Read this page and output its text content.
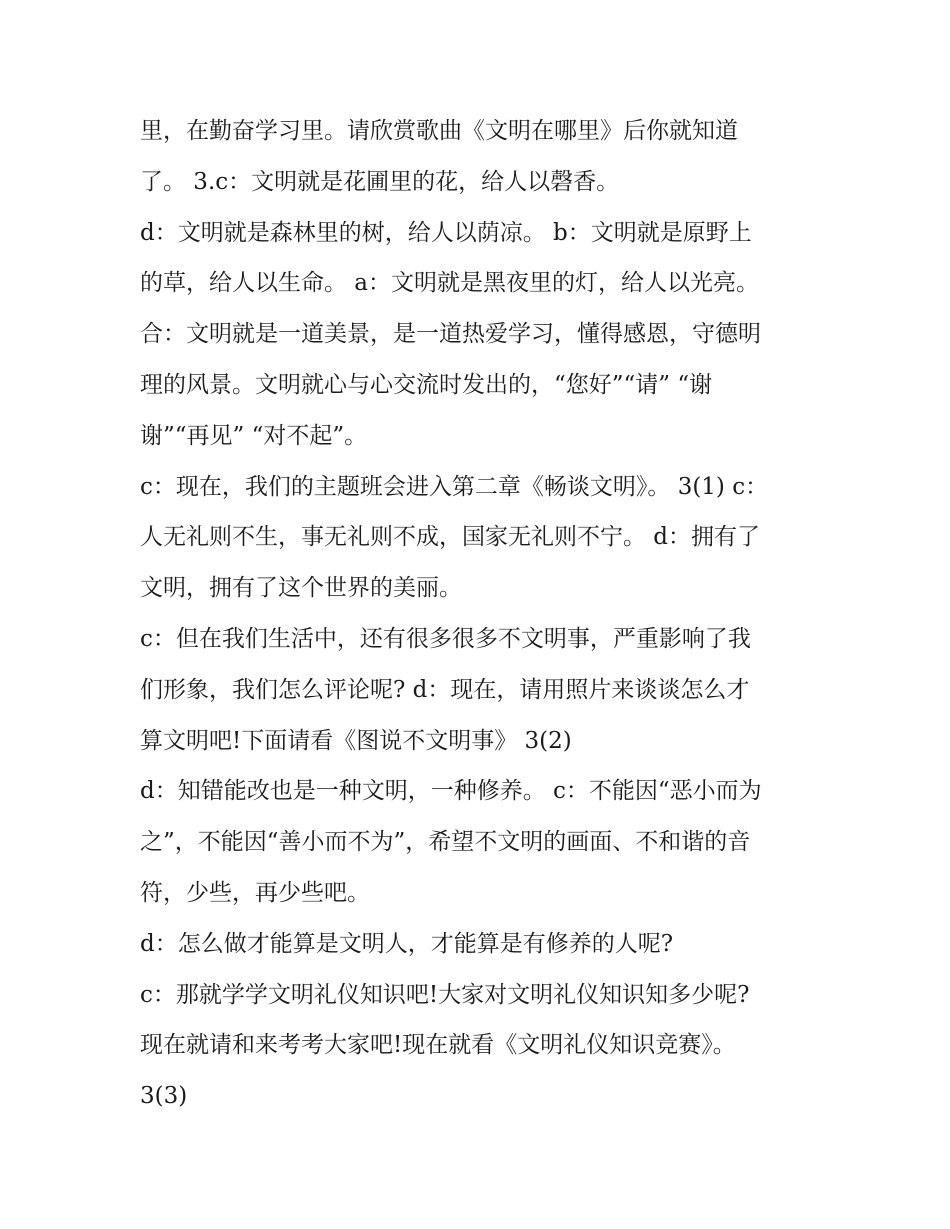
里，在勤奋学习里。请欣赏歌曲《文明在哪里》后你就知道
了。 3.c：文明就是花圃里的花，给人以磬香。
d：文明就是森林里的树，给人以荫凉。 b：文明就是原野上
的草，给人以生命。 a：文明就是黑夜里的灯，给人以光亮。
合：文明就是一道美景，是一道热爱学习，懂得感恩，守德明
理的风景。文明就心与心交流时发出的，“您好”“请” “谢
谢”“再见” “对不起”。
c：现在，我们的主题班会进入第二章《畅谈文明》。 3(1) c：
人无礼则不生，事无礼则不成，国家无礼则不宁。 d：拥有了
文明，拥有了这个世界的美丽。
c：但在我们生活中，还有很多很多不文明事，严重影响了我
们形象，我们怎么评论呢? d：现在，请用照片来谈谈怎么才
算文明吧!下面请看《图说不文明事》 3(2)
d：知错能改也是一种文明，一种修养。 c：不能因“恶小而为
之”，不能因“善小而不为”，希望不文明的画面、不和谐的音
符，少些，再少些吧。
d：怎么做才能算是文明人，才能算是有修养的人呢?
c：那就学学文明礼仪知识吧!大家对文明礼仪知识知多少呢?
现在就请和来考考大家吧!现在就看《文明礼仪知识竞赛》。
3(3)
